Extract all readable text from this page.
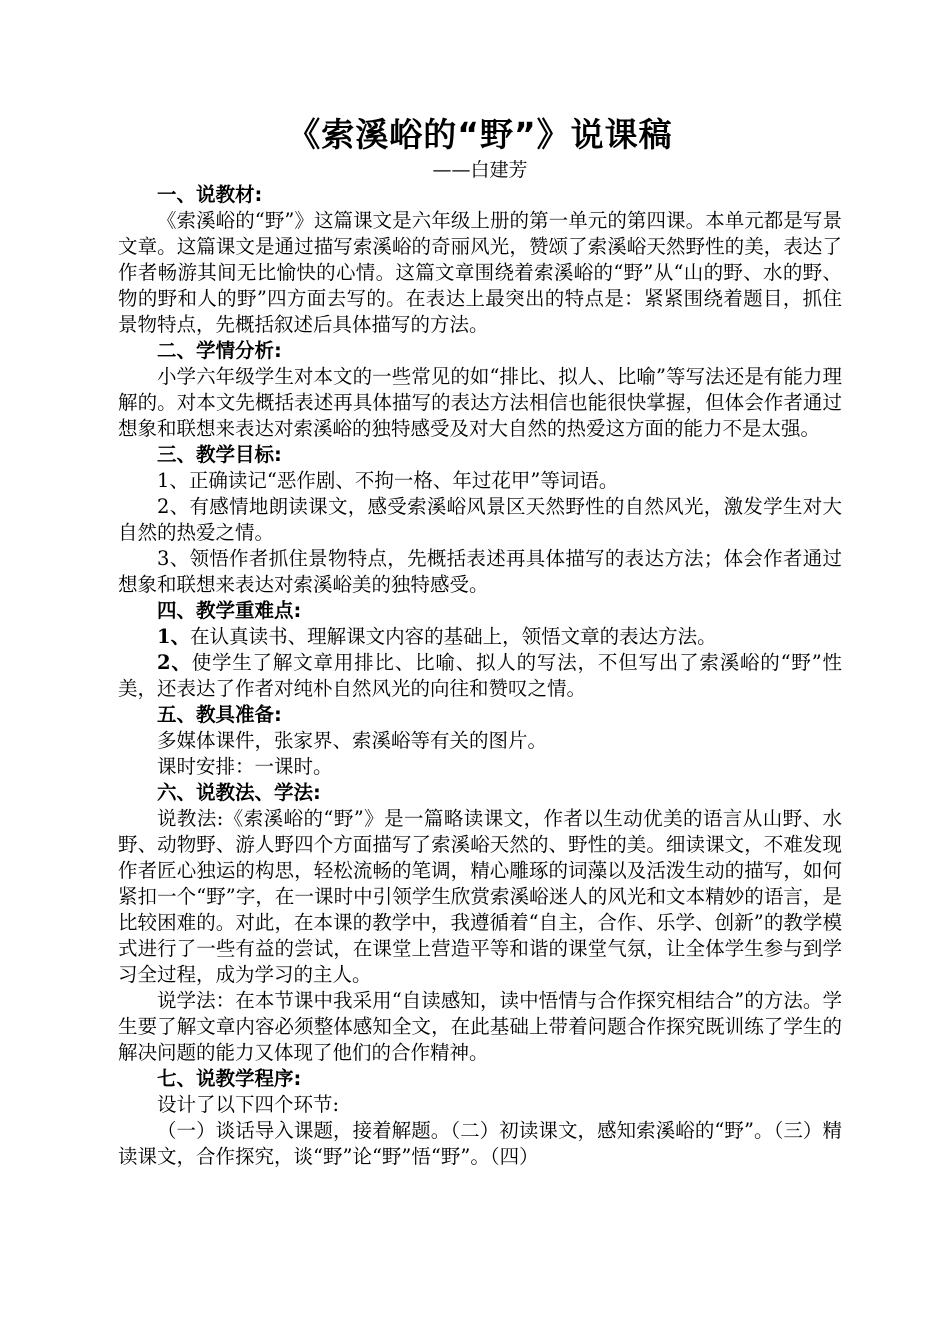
《索溪峪的“野”》说课稿
——白建芳
一、说教材:

《索溪峪的“野”》这篇课文是六年级上册的第一单元的第四课。本单元都是写景文章。这篇课文是通过描写索溪峪的奇丽风光，赞颂了索溪峪天然野性的美，表达了作者畅游其间无比愉快的心情。这篇文章围绕着索溪峪的“野”从“山的野、水的野、物的野和人的野”四方面去写的。在表达上最突出的特点是：紧紧围绕着题目，抓住景物特点，先概括叙述后具体描写的方法。

二、学情分析:

小学六年级学生对本文的一些常见的如“排比、拟人、比喻”等写法还是有能力理解的。对本文先概括表述再具体描写的表达方法相信也能很快掌握，但体会作者通过想象和联想来表达对索溪峪的独特感受及对大自然的热爱这方面的能力不是太强。

三、教学目标:

1、正确读记“恶作剧、不拘一格、年过花甲”等词语。

2、有感情地朗读课文，感受索溪峪风景区天然野性的自然风光，激发学生对大自然的热爱之情。

3、领悟作者抓住景物特点，先概括表述再具体描写的表达方法；体会作者通过想象和联想来表达对索溪峪美的独特感受。

四、教学重难点:

1、在认真读书、理解课文内容的基础上，领悟文章的表达方法。

2、使学生了解文章用排比、比喻、拟人的写法，不但写出了索溪峪的“野”性美，还表达了作者对纯朴自然风光的向往和赞叹之情。

五、教具准备:

多媒体课件，张家界、索溪峪等有关的图片。

课时安排：一课时。

六、说教法、学法:

说教法:《索溪峪的“野”》是一篇略读课文，作者以生动优美的语言从山野、水野、动物野、游人野四个方面描写了索溪峪天然的、野性的美。细读课文，不难发现作者匠心独运的构思，轻松流畅的笔调，精心雕琢的词藻以及活泼生动的描写，如何紧扣一个“野”字，在一课时中引领学生欣赏索溪峪迷人的风光和文本精妙的语言，是比较困难的。对此，在本课的教学中，我遵循着“自主，合作、乐学、创新”的教学模式进行了一些有益的尝试，在课堂上营造平等和谐的课堂气氛，让全体学生参与到学习全过程，成为学习的主人。

说学法：在本节课中我采用“自读感知，读中悟情与合作探究相结合”的方法。学生要了解文章内容必须整体感知全文，在此基础上带着问题合作探究既训练了学生的解决问题的能力又体现了他们的合作精神。

七、说教学程序:

设计了以下四个环节:

（一）谈话导入课题，接着解题。（二）初读课文，感知索溪峪的“野”。（三）精读课文，合作探究，谈“野”论“野”悟“野”。（四）
